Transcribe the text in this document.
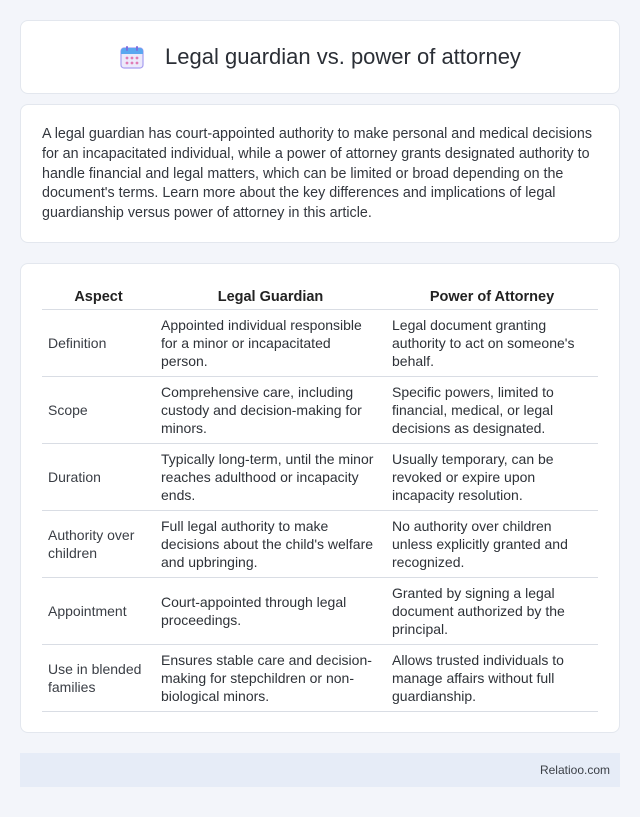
Legal guardian vs. power of attorney

A legal guardian has court-appointed authority to make personal and medical decisions for an incapacitated individual, while a power of attorney grants designated authority to handle financial and legal matters, which can be limited or broad depending on the document's terms. Learn more about the key differences and implications of legal guardianship versus power of attorney in this article.

Aspect	Legal Guardian	Power of Attorney
Definition	Appointed individual responsible for a minor or incapacitated person.	Legal document granting authority to act on someone's behalf.
Scope	Comprehensive care, including custody and decision-making for minors.	Specific powers, limited to financial, medical, or legal decisions as designated.
Duration	Typically long-term, until the minor reaches adulthood or incapacity ends.	Usually temporary, can be revoked or expire upon incapacity resolution.
Authority over children	Full legal authority to make decisions about the child's welfare and upbringing.	No authority over children unless explicitly granted and recognized.
Appointment	Court-appointed through legal proceedings.	Granted by signing a legal document authorized by the principal.
Use in blended families	Ensures stable care and decision-making for stepchildren or non-biological minors.	Allows trusted individuals to manage affairs without full guardianship.
Relatioo.com
